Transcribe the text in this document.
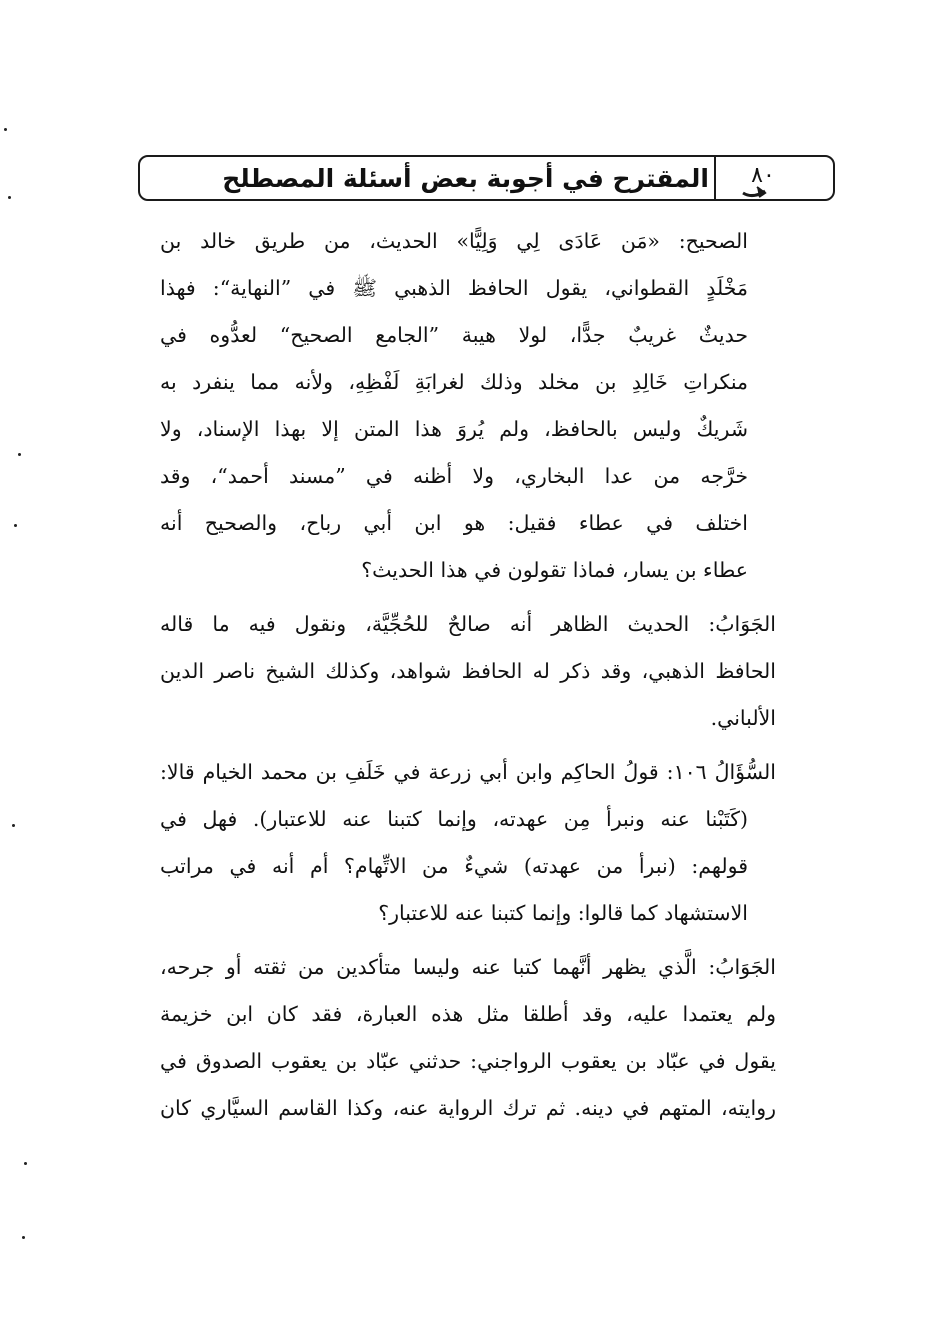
٨٠
المقترح في أجوبة بعض أسئلة المصطلح
الصحيح: «مَن عَادَى لِي وَلِيًّا» الحديث، من طريق خالد بن
مَخْلَدٍ القطواني، يقول الحافظ الذهبي ﷺ في ”النهاية“: فهذا
حديثٌ غريبٌ جدًّا، لولا هيبة ”الجامع الصحيح“ لعدُّوه في
منكراتِ خَالِدِ بن مخلد وذلك لغرابَةِ لَفْظِهِ، ولأنه مما ينفرد به
شَريكٌ وليس بالحافظ، ولم يُروَ هذا المتن إلا بهذا الإسناد، ولا
خرَّجه من عدا البخاري، ولا أظنه في ”مسند أحمد“، وقد
اختلف في عطاء فقيل: هو ابن أبي رباح، والصحيح أنه
عطاء بن يسار، فماذا تقولون في هذا الحديث؟
الجَوَابُ: الحديث الظاهر أنه صالحٌ للحُجِّيَّة، ونقول فيه ما قاله
الحافظ الذهبي، وقد ذكر له الحافظ شواهد، وكذلك الشيخ ناصر الدين
الألباني.
السُّؤَالُ ١٠٦: قولُ الحاكِم وابن أبي زرعة في خَلَفِ بن محمد الخيام قالا:
(كَتَبْنا عنه ونبرأ مِن عهدته، وإنما كتبنا عنه للاعتبار). فهل في
قولهم: (نبرأ من عهدته) شيءٌ من الاتِّهام؟ أم أنه في مراتب
الاستشهاد كما قالوا: وإنما كتبنا عنه للاعتبار؟
الجَوَابُ: الَّذي يظهر أنَّهما كتبا عنه وليسا متأكدين من ثقته أو جرحه،
ولم يعتمدا عليه، وقد أطلقا مثل هذه العبارة، فقد كان ابن خزيمة
يقول في عبّاد بن يعقوب الرواجني: حدثني عبّاد بن يعقوب الصدوق في
روايته، المتهم في دينه. ثم ترك الرواية عنه، وكذا القاسم السيَّاري كان
